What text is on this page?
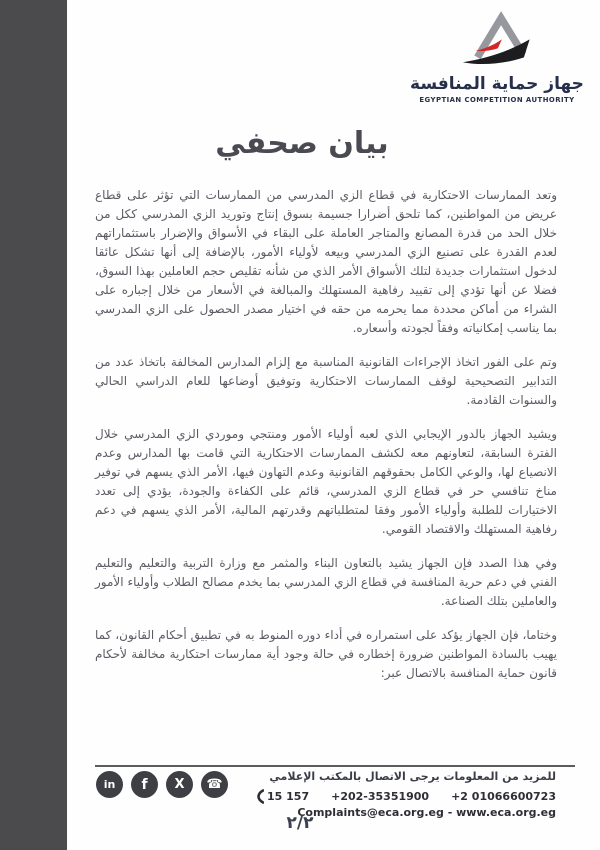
جهاز حماية المنافسة
EGYPTIAN COMPETITION AUTHORITY
بيان صحفي

وتعد الممارسات الاحتكارية في قطاع الزي المدرسي من الممارسات التي تؤثر على قطاع عريض من المواطنين، كما تلحق أضرارا جسيمة بسوق إنتاج وتوريد الزي المدرسي ككل من خلال الحد من قدرة المصانع والمتاجر العاملة على البقاء في الأسواق والإضرار باستثماراتهم لعدم القدرة على تصنيع الزي المدرسي وبيعه لأولياء الأمور، بالإضافة إلى أنها تشكل عائقا لدخول استثمارات جديدة لتلك الأسواق الأمر الذي من شأنه تقليص حجم العاملين بهذا السوق، فضلا عن أنها تؤدي إلى تقييد رفاهية المستهلك والمبالغة في الأسعار من خلال إجباره على الشراء من أماكن محددة مما يحرمه من حقه في اختيار مصدر الحصول على الزي المدرسي بما يناسب إمكانياته وفقاً لجودته وأسعاره.

وتم على الفور اتخاذ الإجراءات القانونية المناسبة مع إلزام المدارس المخالفة باتخاذ عدد من التدابير التصحيحية لوقف الممارسات الاحتكارية وتوفيق أوضاعها للعام الدراسي الحالي والسنوات القادمة.

ويشيد الجهاز بالدور الإيجابي الذي لعبه أولياء الأمور ومنتجي وموردي الزي المدرسي خلال الفترة السابقة، لتعاونهم معه لكشف الممارسات الاحتكارية التي قامت بها المدارس وعدم الانصياع لها، والوعي الكامل بحقوقهم القانونية وعدم التهاون فيها، الأمر الذي يسهم في توفير مناخ تنافسي حر في قطاع الزي المدرسي، قائم على الكفاءة والجودة، يؤدي إلى تعدد الاختيارات للطلبة وأولياء الأمور وفقا لمتطلباتهم وقدرتهم المالية، الأمر الذي يسهم في دعم رفاهية المستهلك والاقتصاد القومي.

وفي هذا الصدد فإن الجهاز يشيد بالتعاون البناء والمثمر مع وزارة التربية والتعليم والتعليم الفني في دعم حرية المنافسة في قطاع الزي المدرسي بما يخدم مصالح الطلاب وأولياء الأمور والعاملين بتلك الصناعة.

وختاما، فإن الجهاز يؤكد على استمراره في أداء دوره المنوط به في تطبيق أحكام القانون، كما يهيب بالسادة المواطنين ضرورة إخطاره في حالة وجود أية ممارسات احتكارية مخالفة لأحكام قانون حماية المنافسة بالاتصال عبر:

للمزيد من المعلومات يرجى الاتصال بالمكتب الإعلامي
15 157 +202-35351900 +2 01066600723
Complaints@eca.org.eg - www.eca.org.eg
in	f	X	☎
٢/٢
